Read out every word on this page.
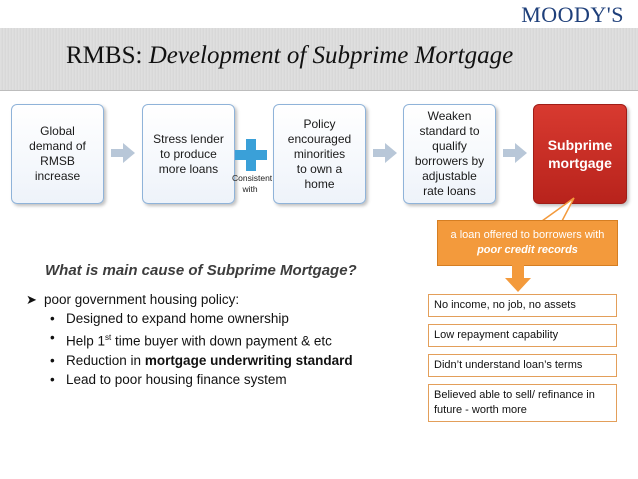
MOODY'S
RMBS: Development of Subprime Mortgage
Global
demand of
RMSB
increase
Stress lender
to produce
more loans
Consistent
with
Policy
encouraged
minorities
to own a
home
Weaken
standard to
qualify
borrowers by
adjustable
rate loans
Subprime
mortgage
a loan offered to borrowers with poor credit records
What is main cause of Subprime Mortgage?
➤ poor government housing policy:
• Designed to expand home ownership
• Help 1st time buyer with down payment & etc
• Reduction in mortgage underwriting standard
• Lead to poor housing finance system
No income, no job, no assets
Low repayment capability
Didn’t understand loan’s terms
Believed able to sell/ refinance in future - worth more
